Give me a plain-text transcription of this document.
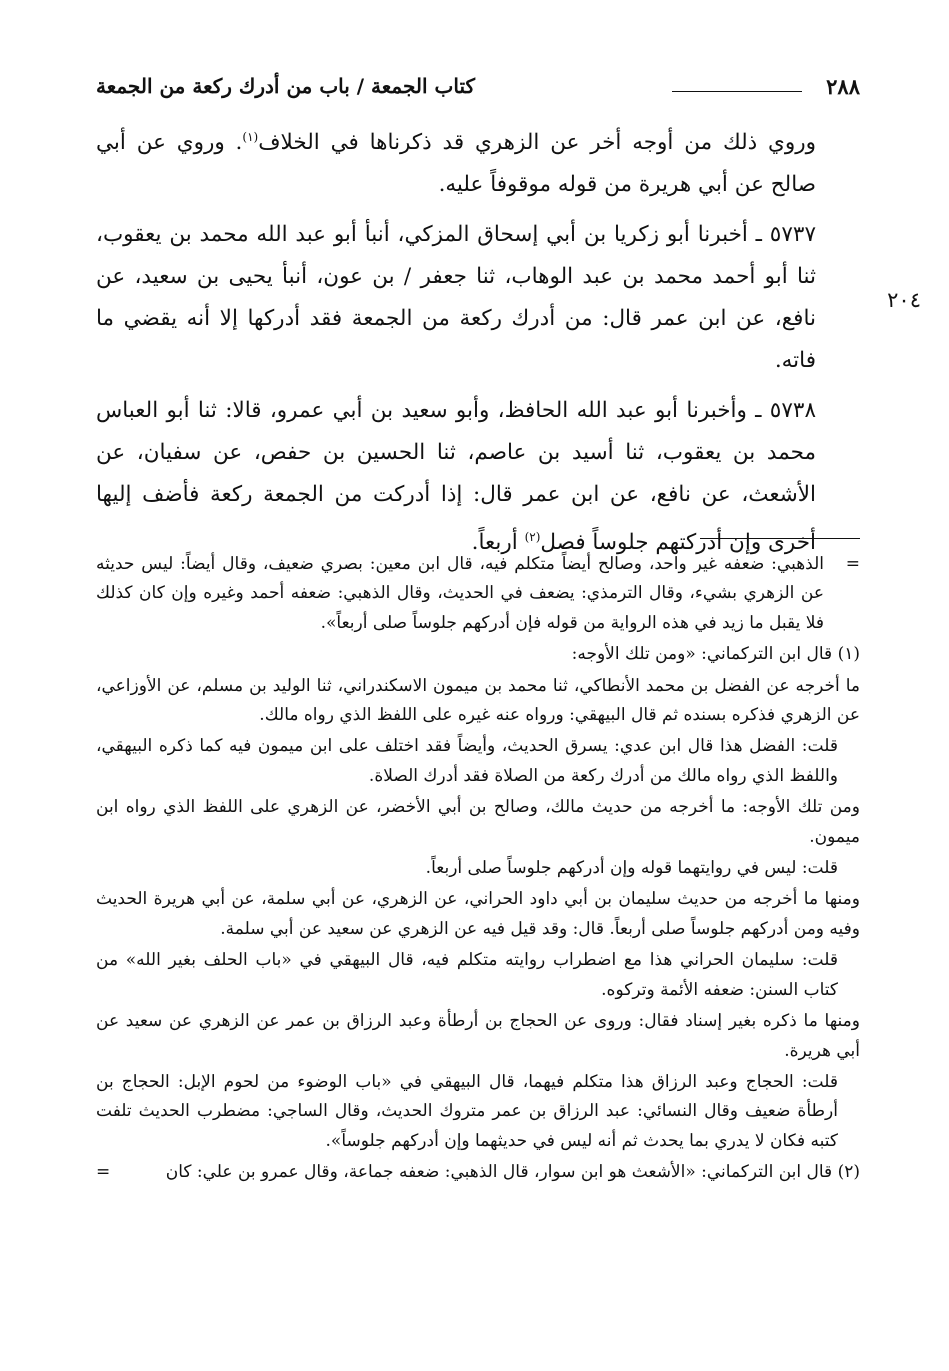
٢٨٨
كتاب الجمعة / باب من أدرك ركعة من الجمعة
٢٠٤

وروي ذلك من أوجه أخر عن الزهري قد ذكرناها في الخلاف$^{(١)}$. وروي عن أبي صالح عن أبي هريرة من قوله موقوفاً عليه.

٥٧٣٧ ـ أخبرنا أبو زكريا بن أبي إسحاق المزكي، أنبأ أبو عبد الله محمد بن يعقوب، ثنا أبو أحمد محمد بن عبد الوهاب، ثنا جعفر / بن عون، أنبأ يحيى بن سعيد، عن نافع، عن ابن عمر قال: من أدرك ركعة من الجمعة فقد أدركها إلا أنه يقضي ما فاته.

٥٧٣٨ ـ وأخبرنا أبو عبد الله الحافظ، وأبو سعيد بن أبي عمرو، قالا: ثنا أبو العباس محمد بن يعقوب، ثنا أسيد بن عاصم، ثنا الحسين بن حفص، عن سفيان، عن الأشعث، عن نافع، عن ابن عمر قال: إذا أدركت من الجمعة ركعة فأضف إليها أخرى وإن أدركتهم جلوساً فصل$^{(٢)}$ أربعاً.

=
الذهبي: ضعفه غير واحد، وصالح أيضاً متكلم فيه، قال ابن معين: بصري ضعيف، وقال أيضاً: ليس حديثه عن الزهري بشيء، وقال الترمذي: يضعف في الحديث، وقال الذهبي: ضعفه أحمد وغيره وإن كان كذلك فلا يقبل ما زيد في هذه الرواية من قوله فإن أدركهم جلوساً صلى أربعاً».

(١) قال ابن التركماني: «ومن تلك الأوجه:

ما أخرجه عن الفضل بن محمد الأنطاكي، ثنا محمد بن ميمون الاسكندراني، ثنا الوليد بن مسلم، عن الأوزاعي، عن الزهري فذكره بسنده ثم قال البيهقي: ورواه عنه غيره على اللفظ الذي رواه مالك.

قلت: الفضل هذا قال ابن عدي: يسرق الحديث، وأيضاً فقد اختلف على ابن ميمون فيه كما ذكره البيهقي، واللفظ الذي رواه مالك من أدرك ركعة من الصلاة فقد أدرك الصلاة.

ومن تلك الأوجه: ما أخرجه من حديث مالك، وصالح بن أبي الأخضر، عن الزهري على اللفظ الذي رواه ابن ميمون.

قلت: ليس في روايتهما قوله وإن أدركهم جلوساً صلى أربعاً.

ومنها ما أخرجه من حديث سليمان بن أبي داود الحراني، عن الزهري، عن أبي سلمة، عن أبي هريرة الحديث وفيه ومن أدركهم جلوساً صلى أربعاً. قال: وقد قيل فيه عن الزهري عن سعيد عن أبي سلمة.

قلت: سليمان الحراني هذا مع اضطراب روايته متكلم فيه، قال البيهقي في «باب الحلف بغير الله» من كتاب السنن: ضعفه الأئمة وتركوه.

ومنها ما ذكره بغير إسناد فقال: وروى عن الحجاج بن أرطأة وعبد الرزاق بن عمر عن الزهري عن سعيد عن أبي هريرة.

قلت: الحجاج وعبد الرزاق هذا متكلم فيهما، قال البيهقي في «باب الوضوء من لحوم الإبل: الحجاج بن أرطأة ضعيف وقال النسائي: عبد الرزاق بن عمر متروك الحديث، وقال الساجي: مضطرب الحديث تلفت كتبه فكان لا يدري بما يحدث ثم أنه ليس في حديثهما وإن أدركهم جلوساً».

(٢) قال ابن التركماني: «الأشعث هو ابن سوار، قال الذهبي: ضعفه جماعة، وقال عمرو بن علي: كان
=
